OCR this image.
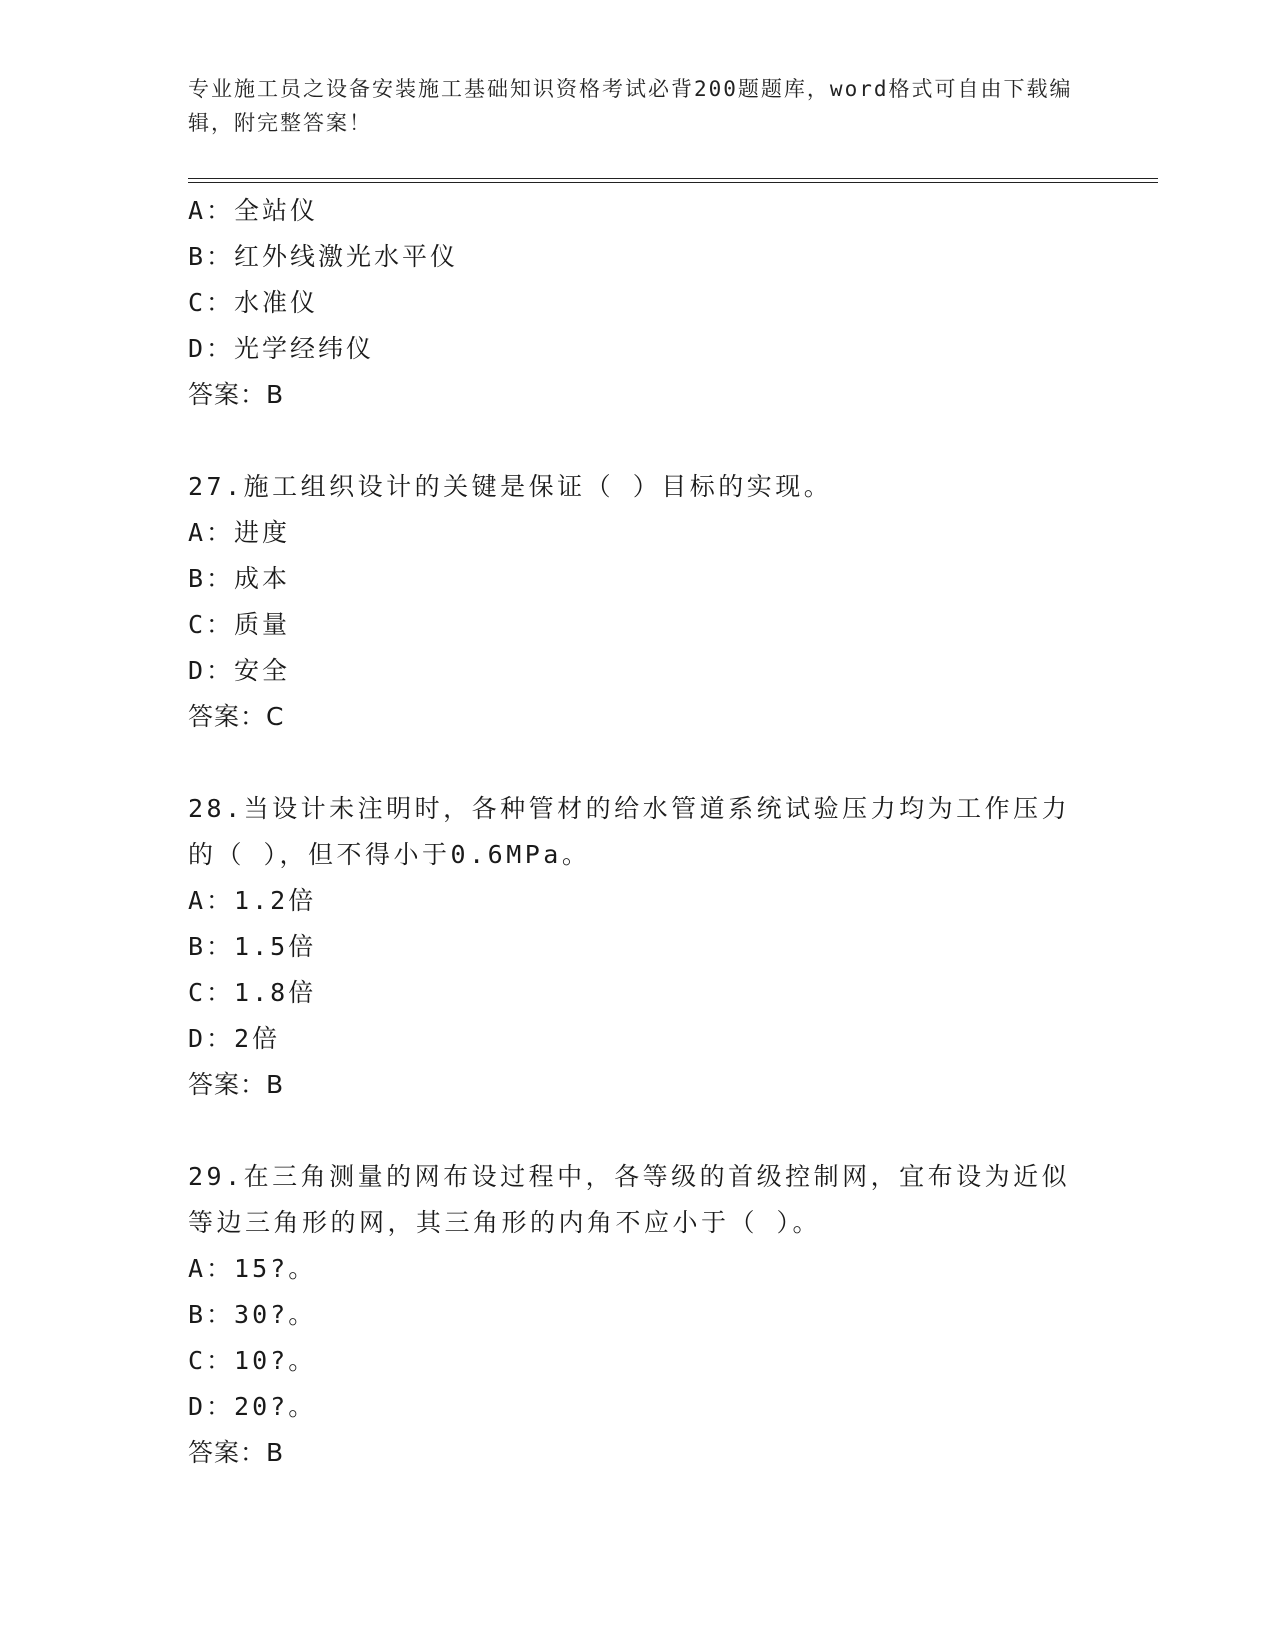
专业施工员之设备安装施工基础知识资格考试必背200题题库，word格式可自由下载编辑，附完整答案！
A：全站仪
B：红外线激光水平仪
C：水准仪
D：光学经纬仪
答案：B
27.施工组织设计的关键是保证（ ）目标的实现。
A：进度
B：成本
C：质量
D：安全
答案：C
28.当设计未注明时，各种管材的给水管道系统试验压力均为工作压力的（ ），但不得小于0.6MPa。
A：1.2倍
B：1.5倍
C：1.8倍
D：2倍
答案：B
29.在三角测量的网布设过程中，各等级的首级控制网，宜布设为近似等边三角形的网，其三角形的内角不应小于（ ）。
A：15?。
B：30?。
C：10?。
D：20?。
答案：B
